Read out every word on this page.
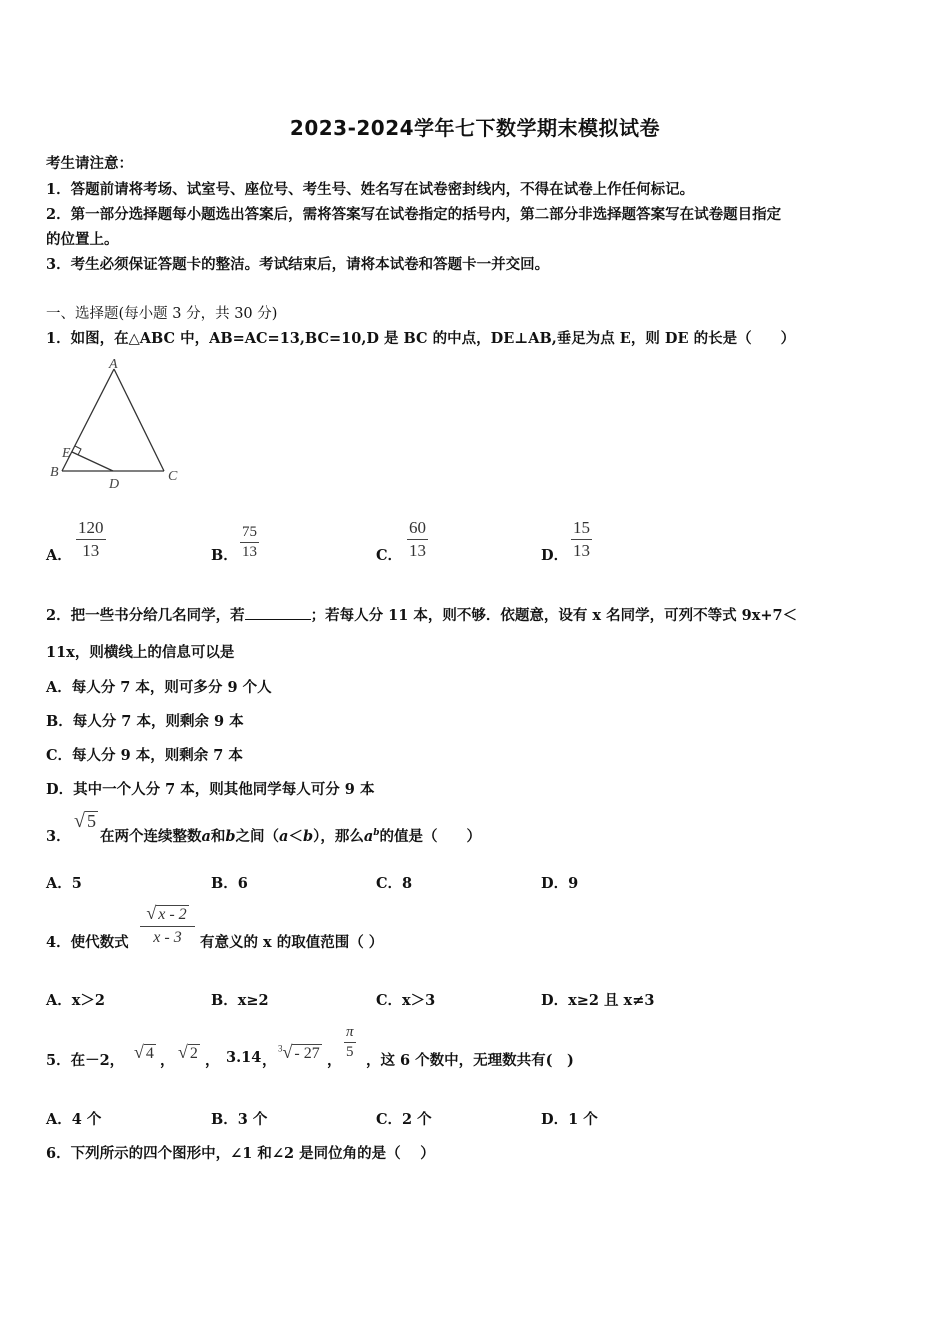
2023-2024学年七下数学期末模拟试卷
考生请注意：
1．答题前请将考场、试室号、座位号、考生号、姓名写在试卷密封线内，不得在试卷上作任何标记。
2．第一部分选择题每小题选出答案后，需将答案写在试卷指定的括号内，第二部分非选择题答案写在试卷题目指定
的位置上。
3．考生必须保证答题卡的整洁。考试结束后，请将本试卷和答题卡一并交回。
一、选择题(每小题 3 分，共 30 分)
1．如图，在△ABC 中，AB=AC=13,BC=10,D 是 BC 的中点，DE⊥AB,垂足为点 E，则 DE 的长是（　　）
A
B	C
D
E
A．
120
13	B．
75
13	C．
60
13	D．
15
13
2．把一些书分给几名同学，若	；若每人分 11 本，则不够．依题意，设有 x 名同学，可列不等式 9x+7＜
11x，则横线上的信息可以是
A．每人分 7 本，则可多分 9 个人
B．每人分 7 本，则剩余 9 本
C．每人分 9 本，则剩余 7 本
D．其中一个人分 7 本，则其他同学每人可分 9 本
3．
√ 5
在两个连续整数a和b之间（a＜b），那么$a^b$的值是（　　）
A．5	B．6	C．8	D．9
4．使代数式
√ x - 2
x - 3	有意义的 x 的取值范围（ ）
A．x＞2	B．x≥2	C．x＞3	D．x≥2 且 x≠3
5．在－2， √ 4 ， √ 2 ， 3.14 ，
$^3$√ - 27 ，
π
5 ，这 6 个数中，无理数共有(　)
A．4 个	B．3 个	C．2 个	D．1 个
6．下列所示的四个图形中，∠1 和∠2 是同位角的是（　 ）
